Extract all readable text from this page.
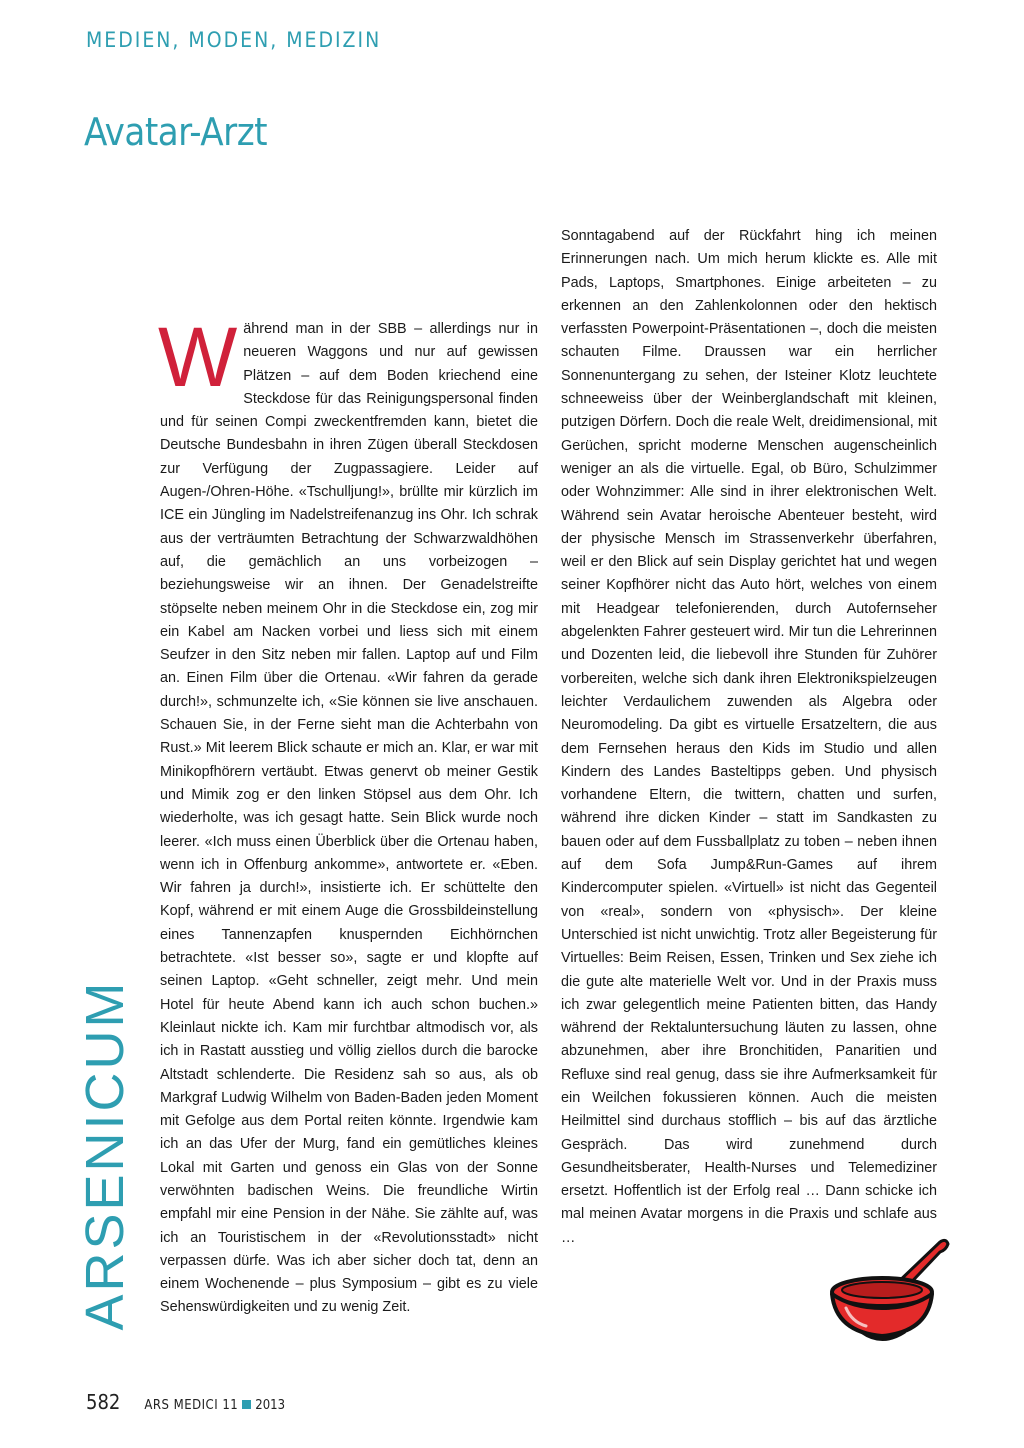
MEDIEN, MODEN, MEDIZIN
Avatar-Arzt
ARSENICUM
W ährend man in der SBB – allerdings nur in neueren Waggons und nur auf gewissen Plätzen – auf dem Boden kriechend eine Steckdose für das Reinigungspersonal finden und für seinen Compi zweckentfremden kann, bietet die Deutsche Bundesbahn in ihren Zügen überall Steckdosen zur Verfügung der Zugpassagiere. Leider auf Augen-/Ohren-Höhe. «Tschulljung!», brüllte mir kürzlich im ICE ein Jüngling im Nadelstreifenanzug ins Ohr. Ich schrak aus der verträumten Betrachtung der Schwarzwaldhöhen auf, die gemächlich an uns vorbeizogen – beziehungsweise wir an ihnen. Der Genadelstreifte stöpselte neben meinem Ohr in die Steckdose ein, zog mir ein Kabel am Nacken vorbei und liess sich mit einem Seufzer in den Sitz neben mir fallen. Laptop auf und Film an. Einen Film über die Ortenau. «Wir fahren da gerade durch!», schmunzelte ich, «Sie können sie live anschauen. Schauen Sie, in der Ferne sieht man die Achterbahn von Rust.» Mit leerem Blick schaute er mich an. Klar, er war mit Minikopfhörern vertäubt. Etwas genervt ob meiner Gestik und Mimik zog er den linken Stöpsel aus dem Ohr. Ich wiederholte, was ich gesagt hatte. Sein Blick wurde noch leerer. «Ich muss einen Überblick über die Ortenau haben, wenn ich in Offenburg ankomme», antwortete er. «Eben. Wir fahren ja durch!», insistierte ich. Er schüttelte den Kopf, während er mit einem Auge die Grossbildeinstellung eines Tannenzapfen knuspernden Eichhörnchen betrachtete. «Ist besser so», sagte er und klopfte auf seinen Laptop. «Geht schneller, zeigt mehr. Und mein Hotel für heute Abend kann ich auch schon buchen.» Kleinlaut nickte ich. Kam mir furchtbar altmodisch vor, als ich in Rastatt ausstieg und völlig ziellos durch die barocke Altstadt schlenderte. Die Residenz sah so aus, als ob Markgraf Ludwig Wilhelm von Baden-Baden jeden Moment mit Gefolge aus dem Portal reiten könnte. Irgendwie kam ich an das Ufer der Murg, fand ein gemütliches kleines Lokal mit Garten und genoss ein Glas von der Sonne verwöhnten badischen Weins. Die freundliche Wirtin empfahl mir eine Pension in der Nähe. Sie zählte auf, was ich an Touristischem in der «Revolutionsstadt» nicht verpassen dürfe. Was ich aber sicher doch tat, denn an einem Wochenende – plus Symposium – gibt es zu viele Sehenswürdigkeiten und zu wenig Zeit.

Sonntagabend auf der Rückfahrt hing ich meinen Erinnerungen nach. Um mich herum klickte es. Alle mit Pads, Laptops, Smartphones. Einige arbeiteten – zu erkennen an den Zahlenkolonnen oder den hektisch verfassten Powerpoint-Präsentationen –, doch die meisten schauten Filme. Draussen war ein herrlicher Sonnenuntergang zu sehen, der Isteiner Klotz leuchtete schneeweiss über der Weinberglandschaft mit kleinen, putzigen Dörfern. Doch die reale Welt, dreidimensional, mit Gerüchen, spricht moderne Menschen augenscheinlich weniger an als die virtuelle. Egal, ob Büro, Schulzimmer oder Wohnzimmer: Alle sind in ihrer elektronischen Welt. Während sein Avatar heroische Abenteuer besteht, wird der physische Mensch im Strassenverkehr überfahren, weil er den Blick auf sein Display gerichtet hat und wegen seiner Kopfhörer nicht das Auto hört, welches von einem mit Headgear telefonierenden, durch Autofernseher abgelenkten Fahrer gesteuert wird. Mir tun die Lehrerinnen und Dozenten leid, die liebevoll ihre Stunden für Zuhörer vorbereiten, welche sich dank ihren Elektronikspielzeugen leichter Verdaulichem zuwenden als Algebra oder Neuromodeling. Da gibt es virtuelle Ersatzeltern, die aus dem Fernsehen heraus den Kids im Studio und allen Kindern des Landes Basteltipps geben. Und physisch vorhandene Eltern, die twittern, chatten und surfen, während ihre dicken Kinder – statt im Sandkasten zu bauen oder auf dem Fussballplatz zu toben – neben ihnen auf dem Sofa Jump&Run-Games auf ihrem Kindercomputer spielen. «Virtuell» ist nicht das Gegenteil von «real», sondern von «physisch». Der kleine Unterschied ist nicht unwichtig. Trotz aller Begeisterung für Virtuelles: Beim Reisen, Essen, Trinken und Sex ziehe ich die gute alte materielle Welt vor. Und in der Praxis muss ich zwar gelegentlich meine Patienten bitten, das Handy während der Rektaluntersuchung läuten zu lassen, ohne abzunehmen, aber ihre Bronchitiden, Panaritien und Refluxe sind real genug, dass sie ihre Aufmerksamkeit für ein Weilchen fokussieren können. Auch die meisten Heilmittel sind durchaus stofflich – bis auf das ärztliche Gespräch. Das wird zunehmend durch Gesundheitsberater, Health-Nurses und Telemediziner ersetzt. Hoffentlich ist der Erfolg real … Dann schicke ich mal meinen Avatar morgens in die Praxis und schlafe aus …

582 ARS MEDICI 11 2013
